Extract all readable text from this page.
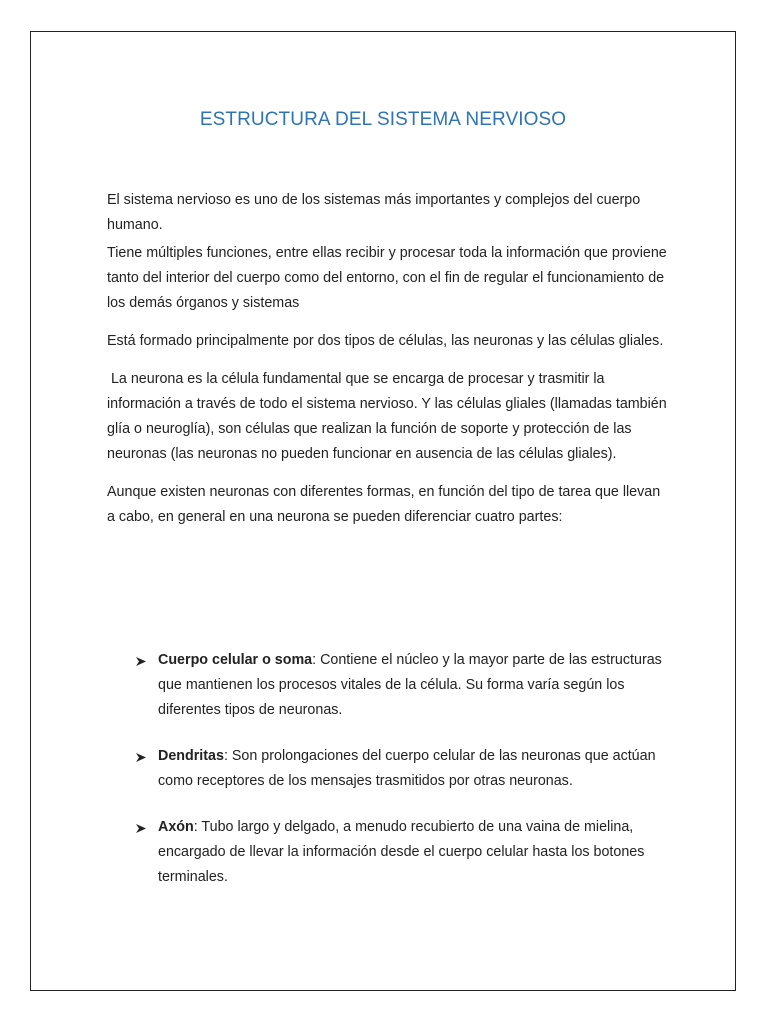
ESTRUCTURA DEL SISTEMA NERVIOSO

El sistema nervioso es uno de los sistemas más importantes y complejos del cuerpo humano.

Tiene múltiples funciones, entre ellas recibir y procesar toda la información que proviene tanto del interior del cuerpo como del entorno, con el fin de regular el funcionamiento de los demás órganos y sistemas

Está formado principalmente por dos tipos de células, las neuronas y las células gliales.

La neurona es la célula fundamental que se encarga de procesar y trasmitir la información a través de todo el sistema nervioso. Y las células gliales (llamadas también glía o neuroglía), son células que realizan la función de soporte y protección de las neuronas (las neuronas no pueden funcionar en ausencia de las células gliales).

Aunque existen neuronas con diferentes formas, en función del tipo de tarea que llevan a cabo, en general en una neurona se pueden diferenciar cuatro partes:

Cuerpo celular o soma: Contiene el núcleo y la mayor parte de las estructuras que mantienen los procesos vitales de la célula. Su forma varía según los diferentes tipos de neuronas.
Dendritas: Son prolongaciones del cuerpo celular de las neuronas que actúan como receptores de los mensajes trasmitidos por otras neuronas.
Axón: Tubo largo y delgado, a menudo recubierto de una vaina de mielina, encargado de llevar la información desde el cuerpo celular hasta los botones terminales.
